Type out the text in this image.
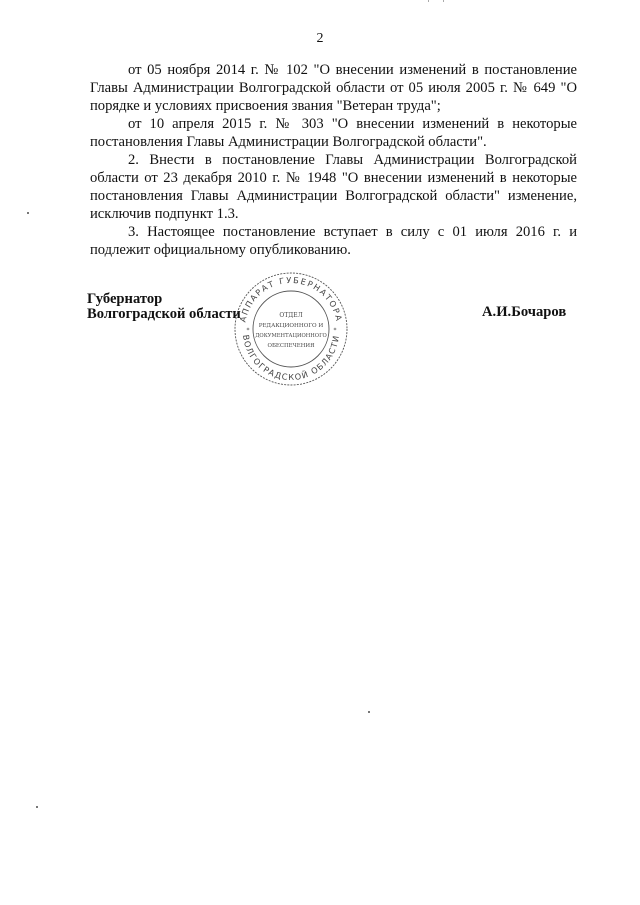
2

от 05 ноября 2014 г. № 102 "О внесении изменений в постановление Главы Администрации Волгоградской области от 05 июля 2005 г. № 649 "О порядке и условиях присвоения звания "Ветеран труда";

от 10 апреля 2015 г. № 303 "О внесении изменений в некоторые постановления Главы Администрации Волгоградской области".

2. Внести в постановление Главы Администрации Волгоградской области от 23 декабря 2010 г. № 1948 "О внесении изменений в некоторые постановления Главы Администрации Волгоградской области" изменение, исключив подпункт 1.3.

3. Настоящее постановление вступает в силу с 01 июля 2016 г. и подлежит официальному опубликованию.

Губернатор
Волгоградской области
АППАРАТ ГУБЕРНАТОРА
ВОЛГОГРАДСКОЙ ОБЛАСТИ
*	*
ОТДЕЛ
РЕДАКЦИОННОГО И
ДОКУМЕНТАЦИОННОГО
ОБЕСПЕЧЕНИЯ
А.И.Бочаров
